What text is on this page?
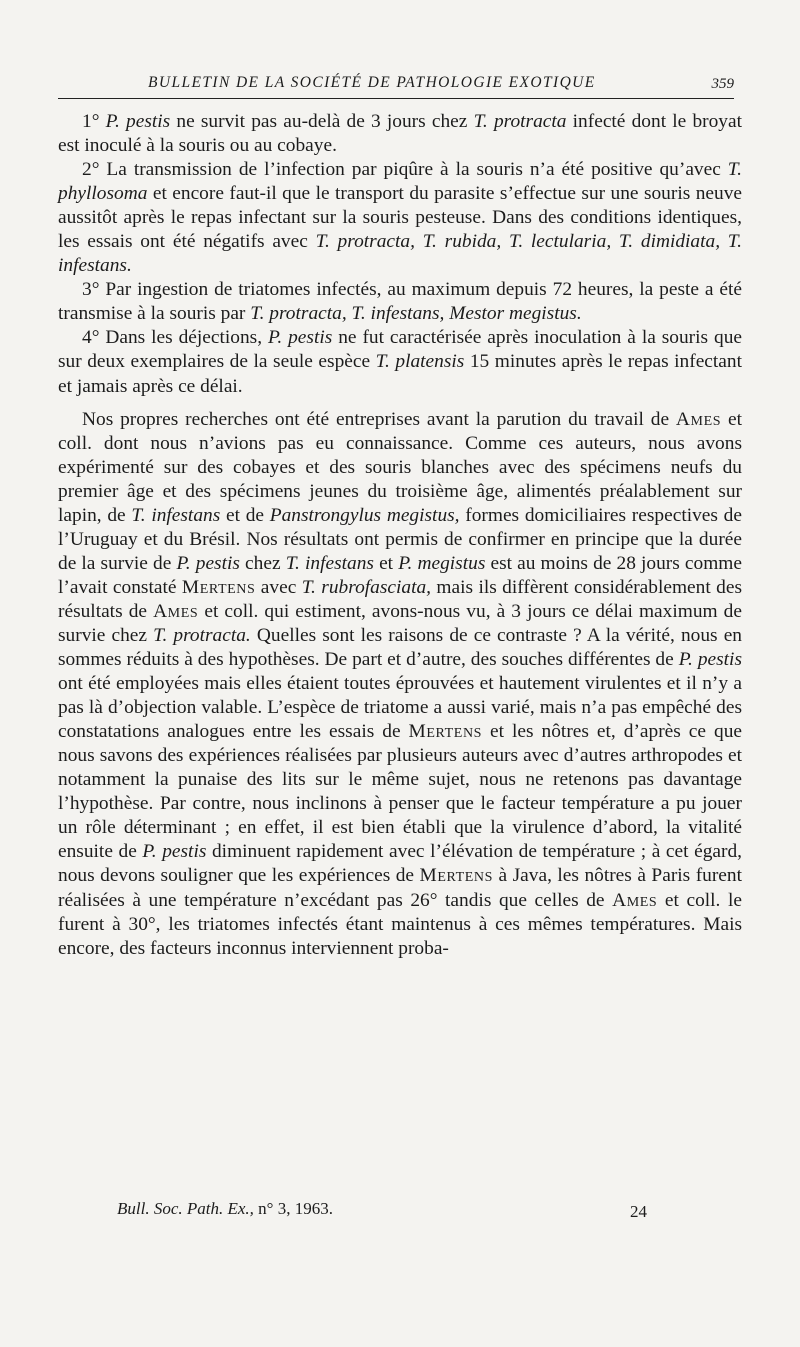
BULLETIN DE LA SOCIÉTÉ DE PATHOLOGIE EXOTIQUE	359

1° P. pestis ne survit pas au-delà de 3 jours chez T. protracta infecté dont le broyat est inoculé à la souris ou au cobaye.

2° La transmission de l’infection par piqûre à la souris n’a été positive qu’avec T. phyllosoma et encore faut-il que le transport du parasite s’effectue sur une souris neuve aussitôt après le repas infectant sur la souris pesteuse. Dans des conditions identiques, les essais ont été négatifs avec T. protracta, T. rubida, T. lectularia, T. dimidiata, T. infestans.

3° Par ingestion de triatomes infectés, au maximum depuis 72 heures, la peste a été transmise à la souris par T. protracta, T. infestans, Mestor megistus.

4° Dans les déjections, P. pestis ne fut caractérisée après inoculation à la souris que sur deux exemplaires de la seule espèce T. platensis 15 minutes après le repas infectant et jamais après ce délai.

Nos propres recherches ont été entreprises avant la parution du travail de Ames et coll. dont nous n’avions pas eu connaissance. Comme ces auteurs, nous avons expérimenté sur des cobayes et des souris blanches avec des spécimens neufs du premier âge et des spécimens jeunes du troisième âge, alimentés préalablement sur lapin, de T. infestans et de Panstrongylus megistus, formes domiciliaires respectives de l’Uruguay et du Brésil. Nos résultats ont permis de confirmer en principe que la durée de la survie de P. pestis chez T. infestans et P. megistus est au moins de 28 jours comme l’avait constaté Mertens avec T. rubrofasciata, mais ils diffèrent considérablement des résultats de Ames et coll. qui estiment, avons-nous vu, à 3 jours ce délai maximum de survie chez T. protracta. Quelles sont les raisons de ce contraste ? A la vérité, nous en sommes réduits à des hypothèses. De part et d’autre, des souches différentes de P. pestis ont été employées mais elles étaient toutes éprouvées et hautement virulentes et il n’y a pas là d’objection valable. L’espèce de triatome a aussi varié, mais n’a pas empêché des constatations analogues entre les essais de Mertens et les nôtres et, d’après ce que nous savons des expériences réalisées par plusieurs auteurs avec d’autres arthropodes et notamment la punaise des lits sur le même sujet, nous ne retenons pas davantage l’hypothèse. Par contre, nous inclinons à penser que le facteur température a pu jouer un rôle déterminant ; en effet, il est bien établi que la virulence d’abord, la vitalité ensuite de P. pestis diminuent rapidement avec l’élévation de température ; à cet égard, nous devons souligner que les expériences de Mertens à Java, les nôtres à Paris furent réalisées à une température n’excédant pas 26° tandis que celles de Ames et coll. le furent à 30°, les triatomes infectés étant maintenus à ces mêmes températures. Mais encore, des facteurs inconnus interviennent proba-

Bull. Soc. Path. Ex., n° 3, 1963.	24
